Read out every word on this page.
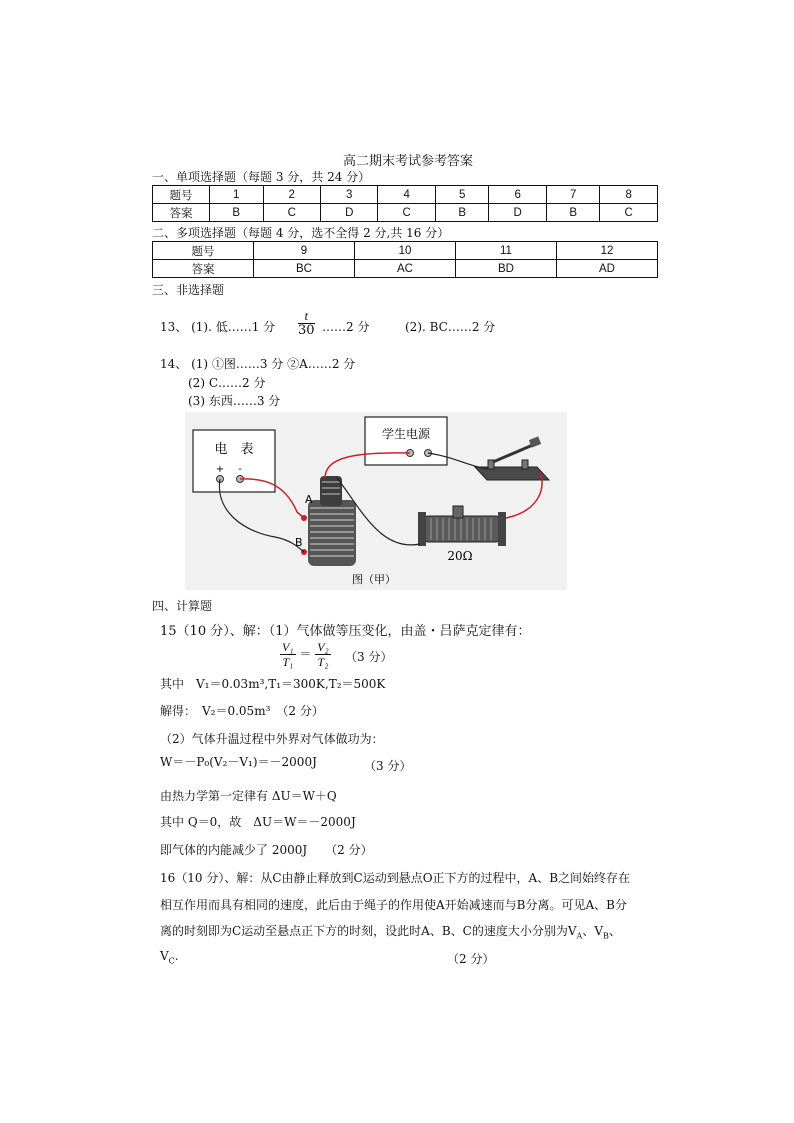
高二期末考试参考答案
一、单项选择题（每题 3 分，共 24 分）
题号	1	2	3	4	5	6	7	8
答案	B	C	D	C	B	D	B	C
二、多项选择题（每题 4 分，选不全得 2 分,共 16 分）
题号	9	10	11	12
答案	BC	AC	BD	AD
三、非选择题
13、 (1). 低……1 分 $\frac{t}{30}$ ……2 分	(2). BC……2 分
14、 (1) ①图……3 分 ②A……2 分
(2) C……2 分
(3) 东西……3 分
电　表
+ -
学生电源
A
B
20Ω
图（甲）
四、计算题
15（10 分）、解：（1）气体做等压变化，由盖・吕萨克定律有：
$\frac{\text{V₁}}{\text{T₁}} = \frac{\text{V₂}}{\text{T₂}} (3$ 分）
其中　V₁＝0.03m³,T₁＝300K,T₂＝500K
解得：　V₂＝0.05m³　（2 分）
（2）气体升温过程中外界对气体做功为：
W＝－P₀(V₂－V₁)＝－2000J	（3 分）
由热力学第一定律有 ΔU＝W＋Q
其中 Q＝0，故　ΔU＝W＝－2000J
即气体的内能减少了 2000J　　（2 分）
16（10 分）、解：从C由静止释放到C运动到悬点O正下方的过程中，A、B之间始终存在
相互作用而具有相同的速度，此后由于绳子的作用使A开始减速而与B分离。可见A、B分
离的时刻即为C运动至悬点正下方的时刻，设此时A、B、C的速度大小分别为$V_A$、$V_B$、
$V_C$.	（2 分）
